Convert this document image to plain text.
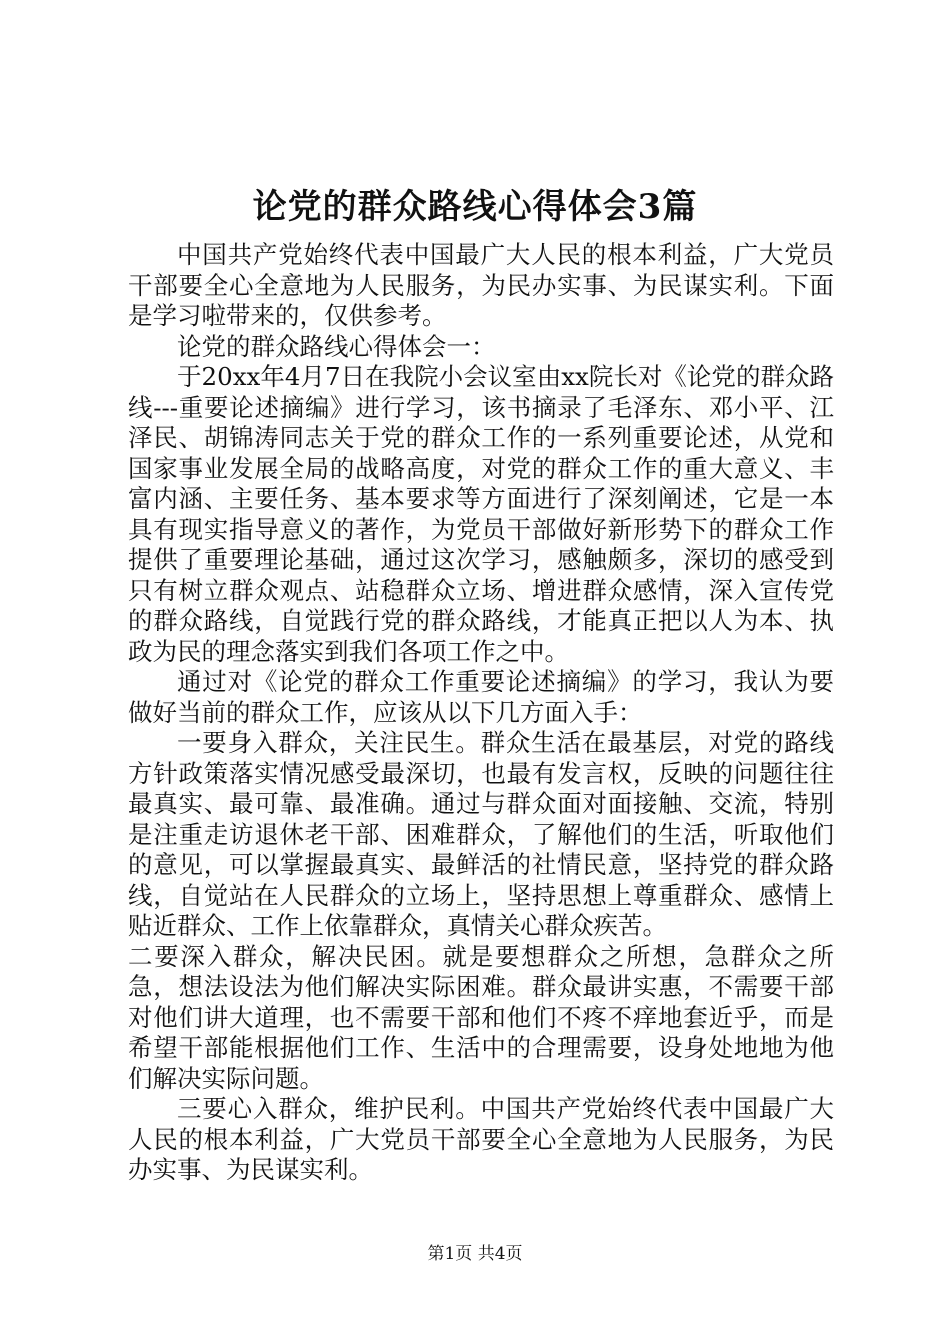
论党的群众路线心得体会3篇

中国共产党始终代表中国最广大人民的根本利益，广大党员干部要全心全意地为人民服务，为民办实事、为民谋实利。下面是学习啦带来的，仅供参考。

论党的群众路线心得体会一：

于20xx年4月7日在我院小会议室由xx院长对《论党的群众路线---重要论述摘编》进行学习，该书摘录了毛泽东、邓小平、江泽民、胡锦涛同志关于党的群众工作的一系列重要论述，从党和国家事业发展全局的战略高度，对党的群众工作的重大意义、丰富内涵、主要任务、基本要求等方面进行了深刻阐述，它是一本具有现实指导意义的著作，为党员干部做好新形势下的群众工作提供了重要理论基础，通过这次学习，感触颇多，深切的感受到只有树立群众观点、站稳群众立场、增进群众感情，深入宣传党的群众路线，自觉践行党的群众路线，才能真正把以人为本、执政为民的理念落实到我们各项工作之中。

通过对《论党的群众工作重要论述摘编》的学习，我认为要做好当前的群众工作，应该从以下几方面入手：

一要身入群众，关注民生。群众生活在最基层，对党的路线方针政策落实情况感受最深切，也最有发言权，反映的问题往往最真实、最可靠、最准确。通过与群众面对面接触、交流，特别是注重走访退休老干部、困难群众，了解他们的生活，听取他们的意见，可以掌握最真实、最鲜活的社情民意，坚持党的群众路线，自觉站在人民群众的立场上，坚持思想上尊重群众、感情上贴近群众、工作上依靠群众，真情关心群众疾苦。

二要深入群众，解决民困。就是要想群众之所想，急群众之所急，想法设法为他们解决实际困难。群众最讲实惠，不需要干部对他们讲大道理，也不需要干部和他们不疼不痒地套近乎，而是希望干部能根据他们工作、生活中的合理需要，设身处地地为他们解决实际问题。

三要心入群众，维护民利。中国共产党始终代表中国最广大人民的根本利益，广大党员干部要全心全意地为人民服务，为民办实事、为民谋实利。

第1页 共4页
